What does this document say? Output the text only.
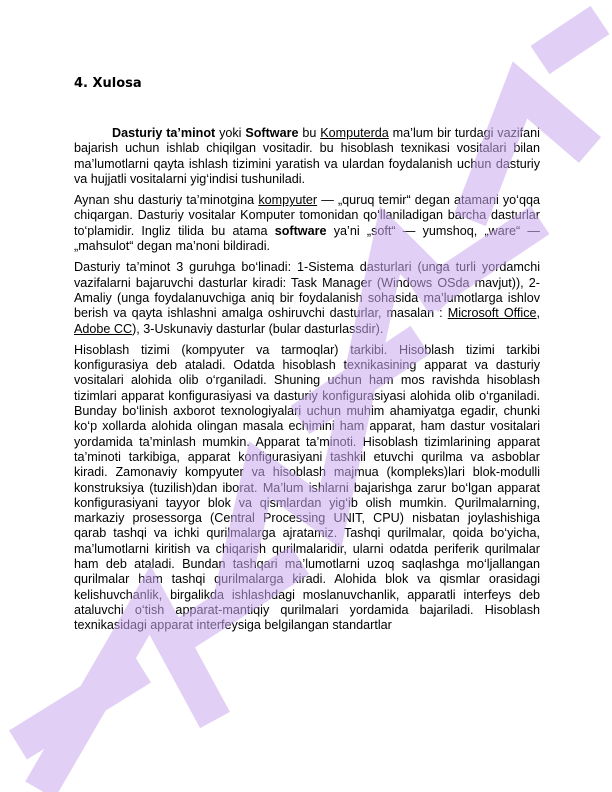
4. Xulosa

Dasturiy ta’minot yoki Software bu Komputerda ma’lum bir turdagi vazifani bajarish uchun ishlab chiqilgan vositadir. bu hisoblash texnikasi vositalari bilan ma’lumotlarni qayta ishlash tizimini yaratish va ulardan foydalanish uchun dasturiy va hujjatli vositalarni yig‘indisi tushuniladi.

Aynan shu dasturiy ta’minotgina kompyuter — „quruq temir“ degan atamani yo‘qqa chiqargan. Dasturiy vositalar Komputer tomonidan qo‘llaniladigan barcha dasturlar to‘plamidir. Ingliz tilida bu atama software ya’ni „soft“ — yumshoq, „ware“ — „mahsulot“ degan ma’noni bildiradi.

Dasturiy ta’minot 3 guruhga bo‘linadi: 1-Sistema dasturlari (unga turli yordamchi vazifalarni bajaruvchi dasturlar kiradi: Task Manager (Windows OSda mavjut)), 2-Amaliy (unga foydalanuvchiga aniq bir foydalanish sohasida ma’lumotlarga ishlov berish va qayta ishlashni amalga oshiruvchi dasturlar, masalan : Microsoft Office, Adobe CC), 3-Uskunaviy dasturlar (bular dasturlassdir).

Hisoblash tizimi (kompyuter va tarmoqlar) tarkibi. Hisoblash tizimi tarkibi konfigurasiya deb ataladi. Odatda hisoblash texnikasining apparat va dasturiy vositalari alohida olib o‘rganiladi. Shuning uchun ham mos ravishda hisoblash tizimlari apparat konfigurasiyasi va dasturiy konfigurasiyasi alohida olib o‘rganiladi. Bunday bo‘linish axborot texnologiyalari uchun muhim ahamiyatga egadir, chunki ko‘p xollarda alohida olingan masala echimini ham apparat, ham dastur vositalari yordamida ta’minlash mumkin. Apparat ta’minoti. Hisoblash tizimlarining apparat ta’minoti tarkibiga, apparat konfigurasiyani tashkil etuvchi qurilma va asboblar kiradi. Zamonaviy kompyuter va hisoblash majmua (kompleks)lari blok-modulli konstruksiya (tuzilish)dan iborat. Ma’lum ishlarni bajarishga zarur bo‘lgan apparat konfigurasiyani tayyor blok va qismlardan yig‘ib olish mumkin. Qurilmalarning, markaziy prosessorga (Central Processing UNIT, CPU) nisbatan joylashishiga qarab tashqi va ichki qurilmalarga ajratamiz. Tashqi qurilmalar, qoida bo‘yicha, ma’lumotlarni kiritish va chiqarish qurilmalaridir, ularni odatda periferik qurilmalar ham deb ataladi. Bundan tashqari ma’lumotlarni uzoq saqlashga mo‘ljallangan qurilmalar ham tashqi qurilmalarga kiradi. Alohida blok va qismlar orasidagi kelishuvchanlik, birgalikda ishlashdagi moslanuvchanlik, apparatli interfeys deb ataluvchi o‘tish apparat-mantiqiy qurilmalari yordamida bajariladi. Hisoblash texnikasidagi apparat interfeysiga belgilangan standartlar
